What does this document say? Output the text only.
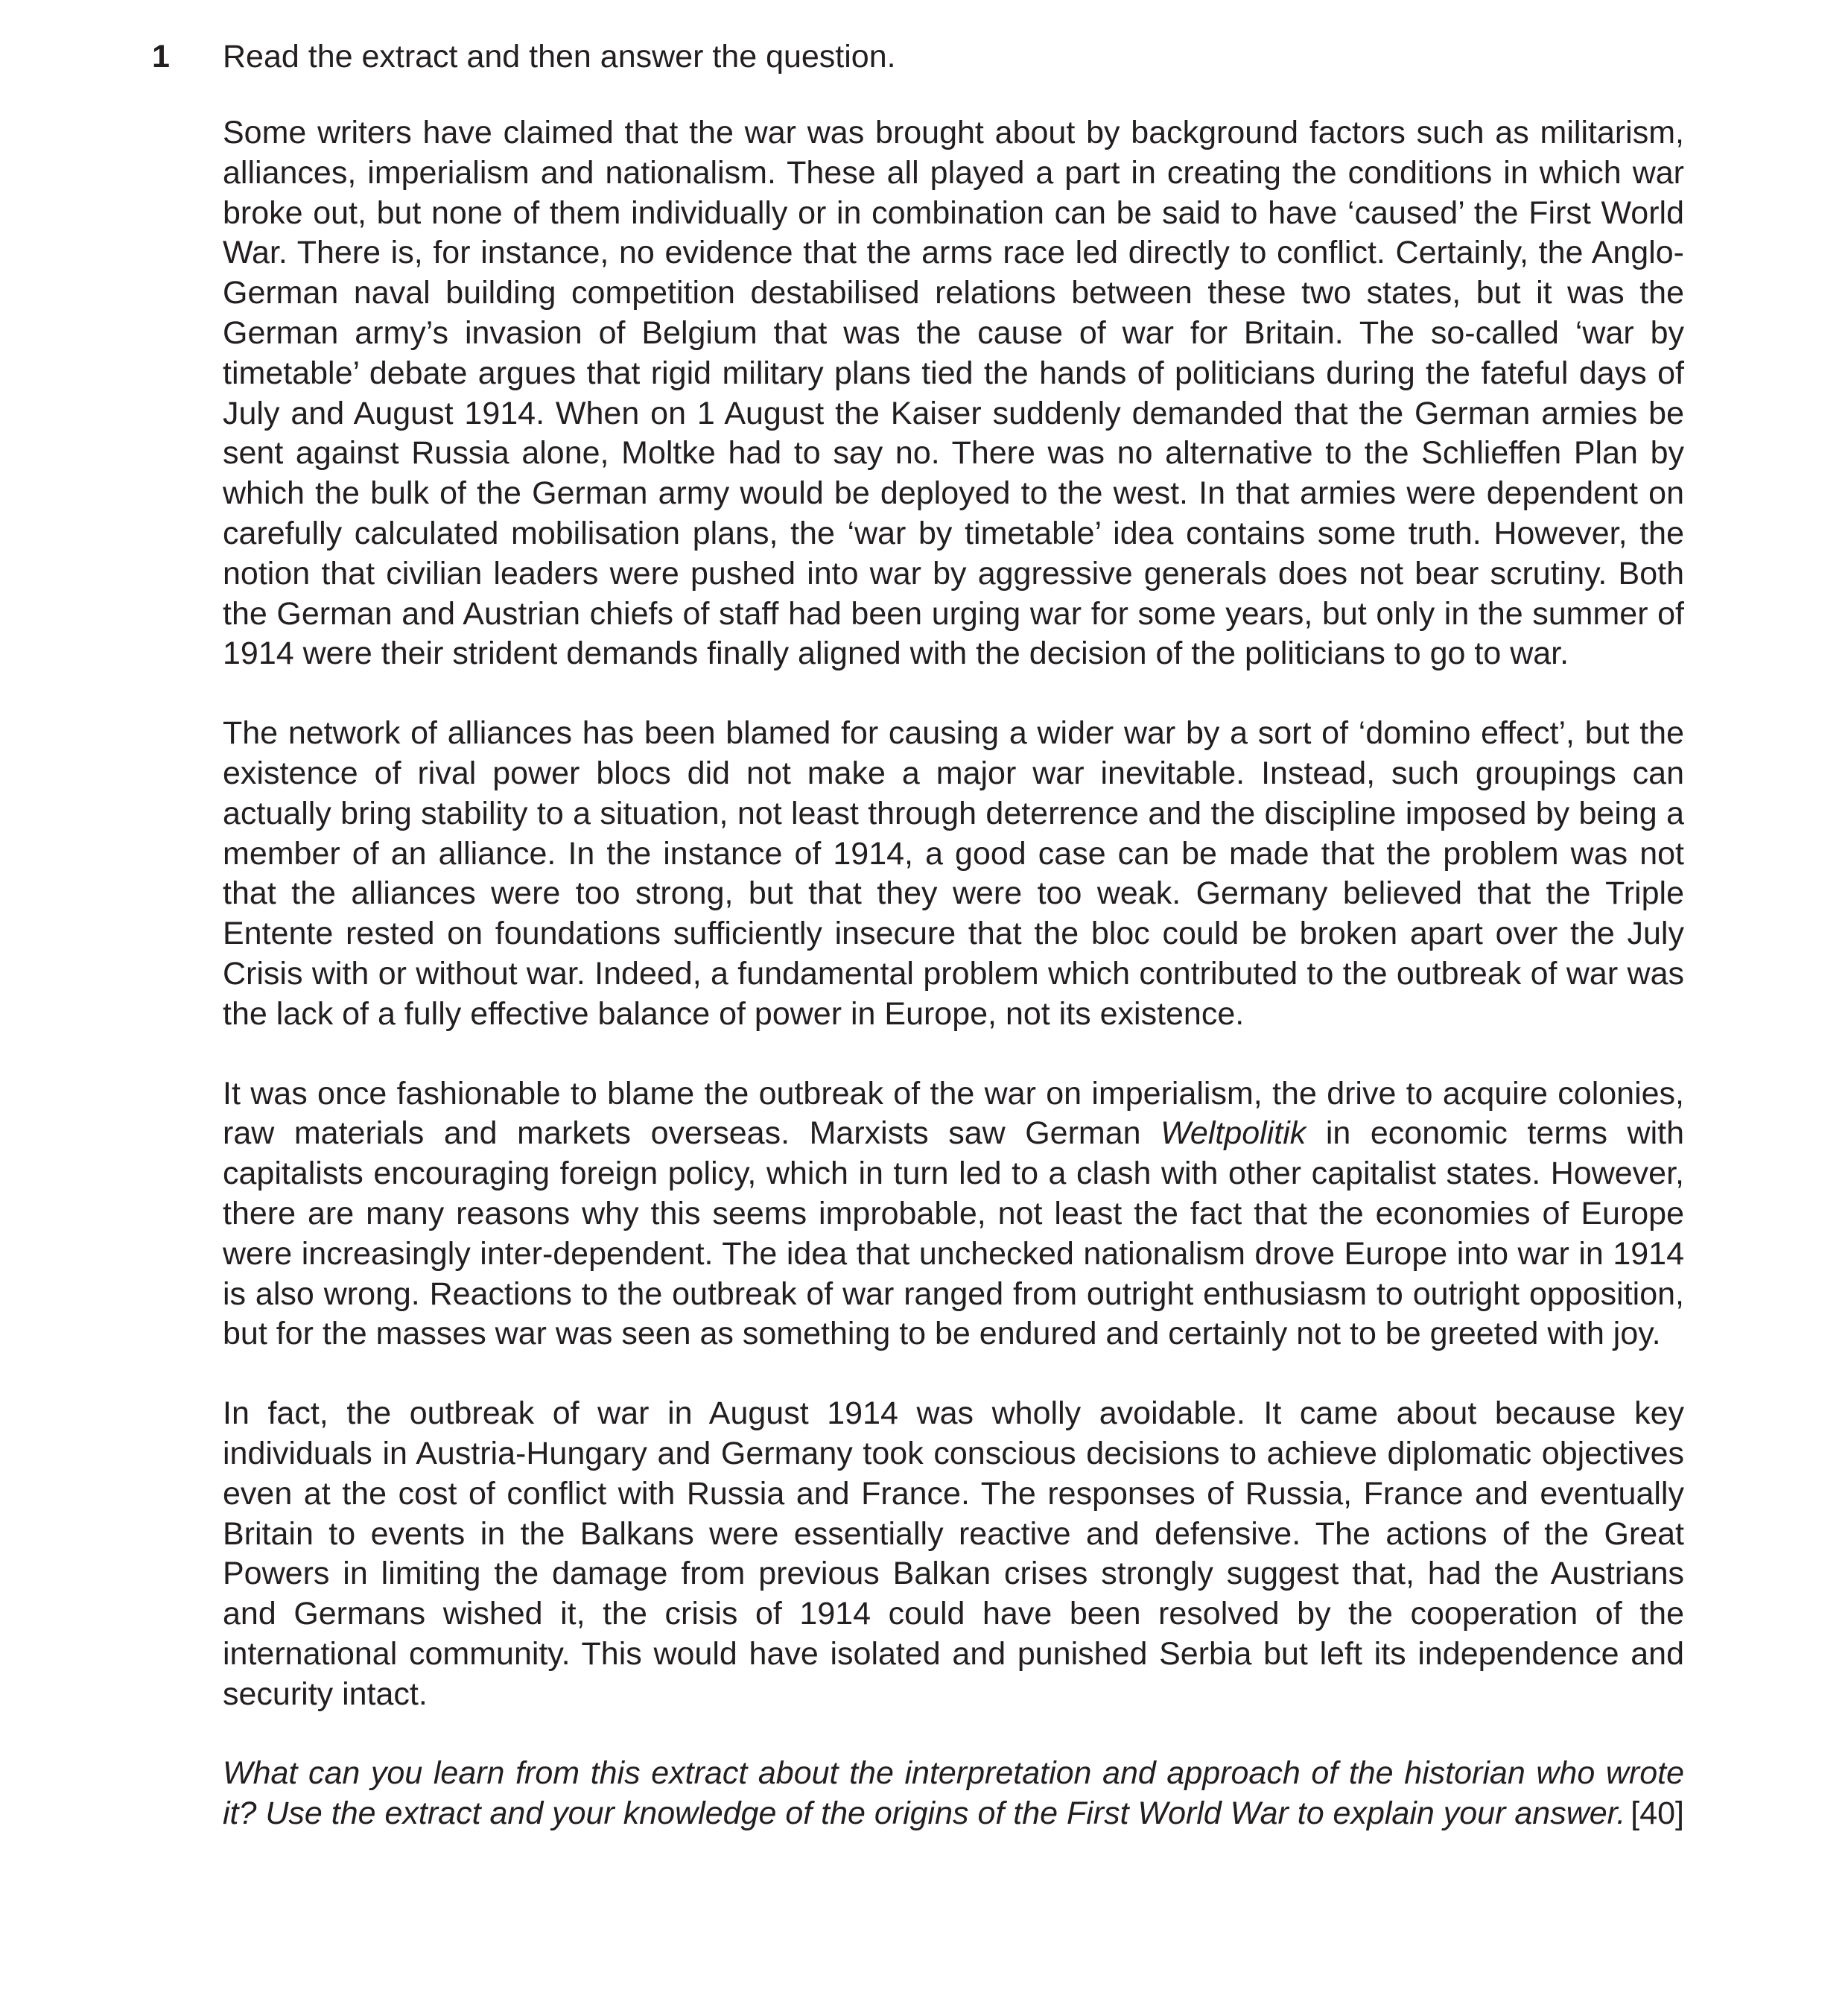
1 Read the extract and then answer the question.

Some writers have claimed that the war was brought about by background factors such as militarism, alliances, imperialism and nationalism. These all played a part in creating the conditions in which war broke out, but none of them individually or in combination can be said to have ‘caused’ the First World War. There is, for instance, no evidence that the arms race led directly to conflict. Certainly, the Anglo-German naval building competition destabilised relations between these two states, but it was the German army’s invasion of Belgium that was the cause of war for Britain. The so-called ‘war by timetable’ debate argues that rigid military plans tied the hands of politicians during the fateful days of July and August 1914. When on 1 August the Kaiser suddenly demanded that the German armies be sent against Russia alone, Moltke had to say no. There was no alternative to the Schlieffen Plan by which the bulk of the German army would be deployed to the west. In that armies were dependent on carefully calculated mobilisation plans, the ‘war by timetable’ idea contains some truth. However, the notion that civilian leaders were pushed into war by aggressive generals does not bear scrutiny. Both the German and Austrian chiefs of staff had been urging war for some years, but only in the summer of 1914 were their strident demands finally aligned with the decision of the politicians to go to war.

The network of alliances has been blamed for causing a wider war by a sort of ‘domino effect’, but the existence of rival power blocs did not make a major war inevitable. Instead, such groupings can actually bring stability to a situation, not least through deterrence and the discipline imposed by being a member of an alliance. In the instance of 1914, a good case can be made that the problem was not that the alliances were too strong, but that they were too weak. Germany believed that the Triple Entente rested on foundations sufficiently insecure that the bloc could be broken apart over the July Crisis with or without war. Indeed, a fundamental problem which contributed to the outbreak of war was the lack of a fully effective balance of power in Europe, not its existence.

It was once fashionable to blame the outbreak of the war on imperialism, the drive to acquire colonies, raw materials and markets overseas. Marxists saw German Weltpolitik in economic terms with capitalists encouraging foreign policy, which in turn led to a clash with other capitalist states. However, there are many reasons why this seems improbable, not least the fact that the economies of Europe were increasingly inter-dependent. The idea that unchecked nationalism drove Europe into war in 1914 is also wrong. Reactions to the outbreak of war ranged from outright enthusiasm to outright opposition, but for the masses war was seen as something to be endured and certainly not to be greeted with joy.

In fact, the outbreak of war in August 1914 was wholly avoidable. It came about because key individuals in Austria-Hungary and Germany took conscious decisions to achieve diplomatic objectives even at the cost of conflict with Russia and France. The responses of Russia, France and eventually Britain to events in the Balkans were essentially reactive and defensive. The actions of the Great Powers in limiting the damage from previous Balkan crises strongly suggest that, had the Austrians and Germans wished it, the crisis of 1914 could have been resolved by the cooperation of the international community. This would have isolated and punished Serbia but left its independence and security intact.

What can you learn from this extract about the interpretation and approach of the historian who wrote it? Use the extract and your knowledge of the origins of the First World War to explain your answer. [40]
